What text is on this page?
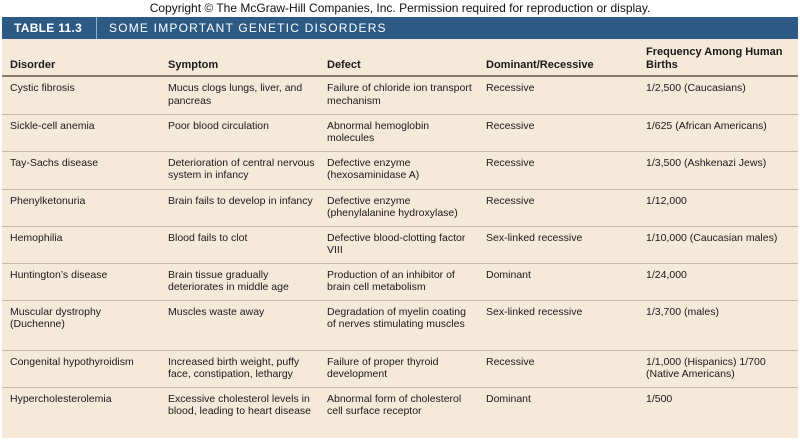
Copyright © The McGraw-Hill Companies, Inc. Permission required for reproduction or display.
TABLE 11.3	SOME IMPORTANT GENETIC DISORDERS
Disorder	Symptom	Defect	Dominant/Recessive	Frequency Among Human Births
Cystic fibrosis	Mucus clogs lungs, liver, and pancreas	Failure of chloride ion transport mechanism	Recessive	1/2,500 (Caucasians)
Sickle-cell anemia	Poor blood circulation	Abnormal hemoglobin molecules	Recessive	1/625 (African Americans)
Tay-Sachs disease	Deterioration of central nervous system in infancy	Defective enzyme (hexosaminidase A)	Recessive	1/3,500 (Ashkenazi Jews)
Phenylketonuria	Brain fails to develop in infancy	Defective enzyme (phenylalanine hydroxylase)	Recessive	1/12,000
Hemophilia	Blood fails to clot	Defective blood-clotting factor VIII	Sex-linked recessive	1/10,000 (Caucasian males)
Huntington’s disease	Brain tissue gradually deteriorates in middle age	Production of an inhibitor of brain cell metabolism	Dominant	1/24,000
Muscular dystrophy (Duchenne)	Muscles waste away	Degradation of myelin coating of nerves stimulating muscles	Sex-linked recessive	1/3,700 (males)
Congenital hypothyroidism	Increased birth weight, puffy face, constipation, lethargy	Failure of proper thyroid development	Recessive	1/1,000 (Hispanics) 1/700 (Native Americans)
Hypercholesterolemia	Excessive cholesterol levels in blood, leading to heart disease	Abnormal form of cholesterol cell surface receptor	Dominant	1/500
